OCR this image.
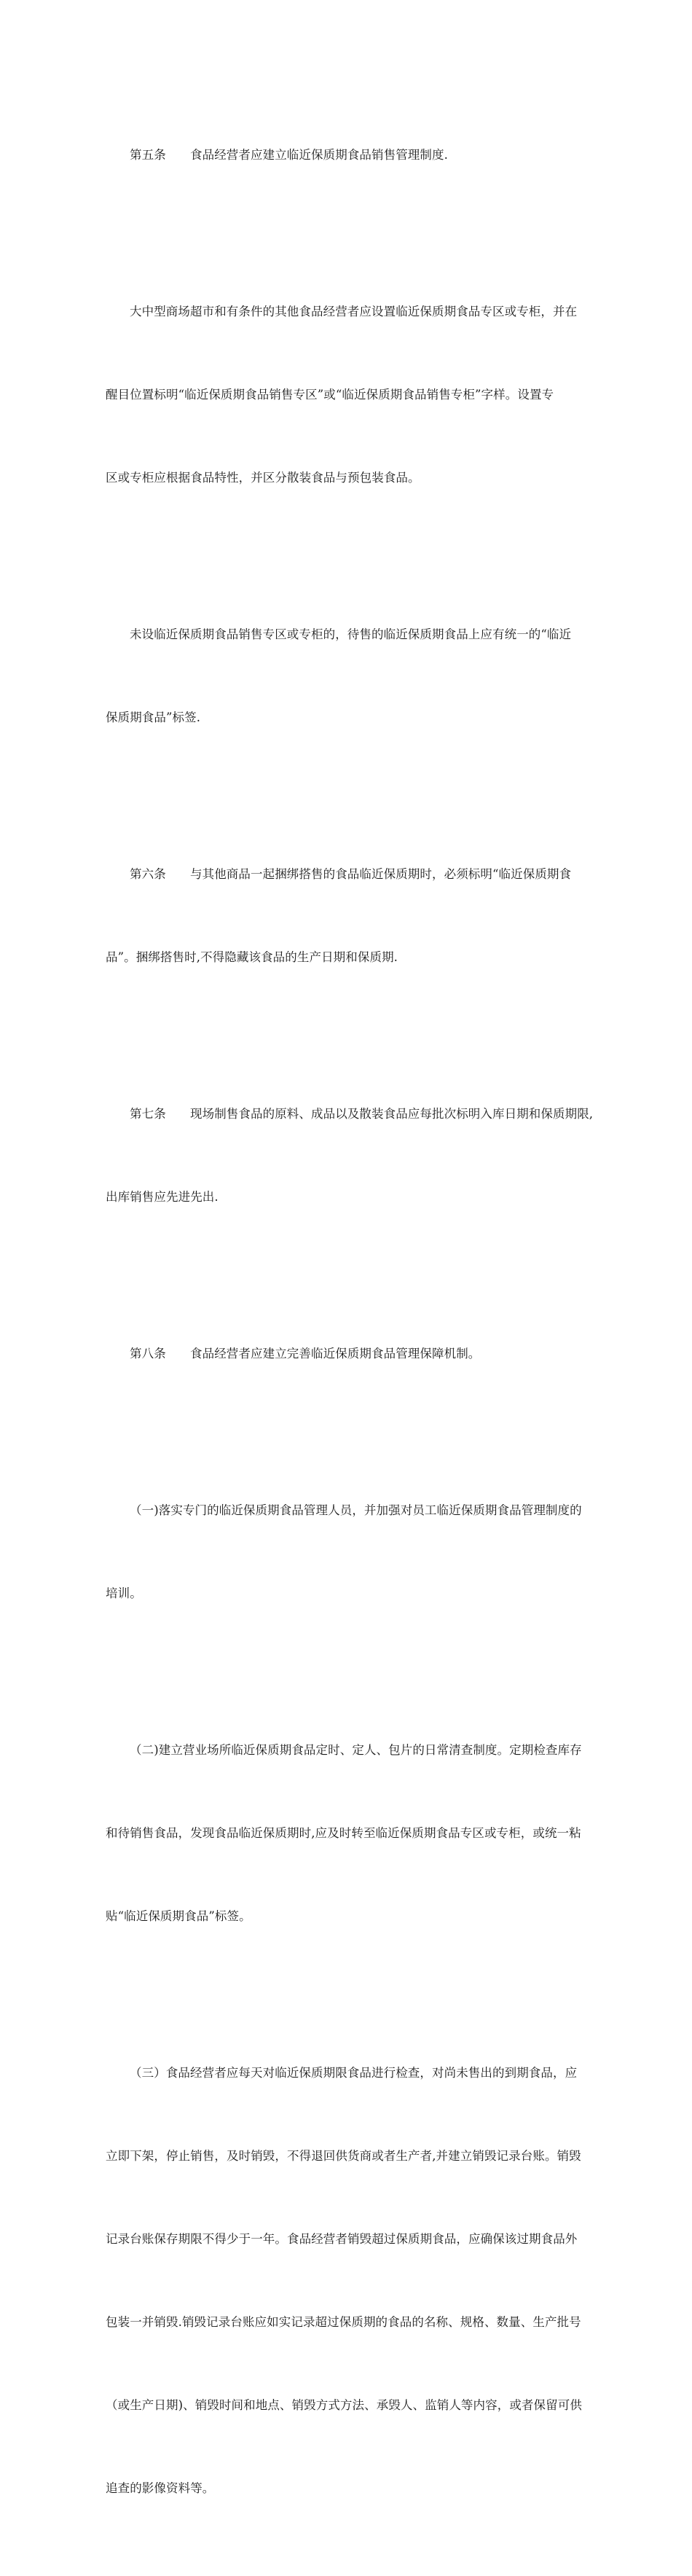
第五条　　食品经营者应建立临近保质期食品销售管理制度.

大中型商场超市和有条件的其他食品经营者应设置临近保质期食品专区或专柜，并在

醒目位置标明“临近保质期食品销售专区”或“临近保质期食品销售专柜”字样。设置专

区或专柜应根据食品特性，并区分散装食品与预包装食品。

未设临近保质期食品销售专区或专柜的，待售的临近保质期食品上应有统一的“临近

保质期食品”标签.

第六条　　与其他商品一起捆绑搭售的食品临近保质期时，必须标明“临近保质期食

品”。捆绑搭售时,不得隐藏该食品的生产日期和保质期.

第七条　　现场制售食品的原料、成品以及散装食品应每批次标明入库日期和保质期限,

出库销售应先进先出.

第八条　　食品经营者应建立完善临近保质期食品管理保障机制。

（一)落实专门的临近保质期食品管理人员，并加强对员工临近保质期食品管理制度的

培训。

（二)建立营业场所临近保质期食品定时、定人、包片的日常清查制度。定期检查库存

和待销售食品，发现食品临近保质期时,应及时转至临近保质期食品专区或专柜，或统一粘

贴“临近保质期食品”标签。

（三）食品经营者应每天对临近保质期限食品进行检查，对尚未售出的到期食品，应

立即下架，停止销售，及时销毁，不得退回供货商或者生产者,并建立销毁记录台账。销毁

记录台账保存期限不得少于一年。食品经营者销毁超过保质期食品，应确保该过期食品外

包装一并销毁.销毁记录台账应如实记录超过保质期的食品的名称、规格、数量、生产批号

（或生产日期)、销毁时间和地点、销毁方式方法、承毁人、监销人等内容，或者保留可供

追查的影像资料等。
